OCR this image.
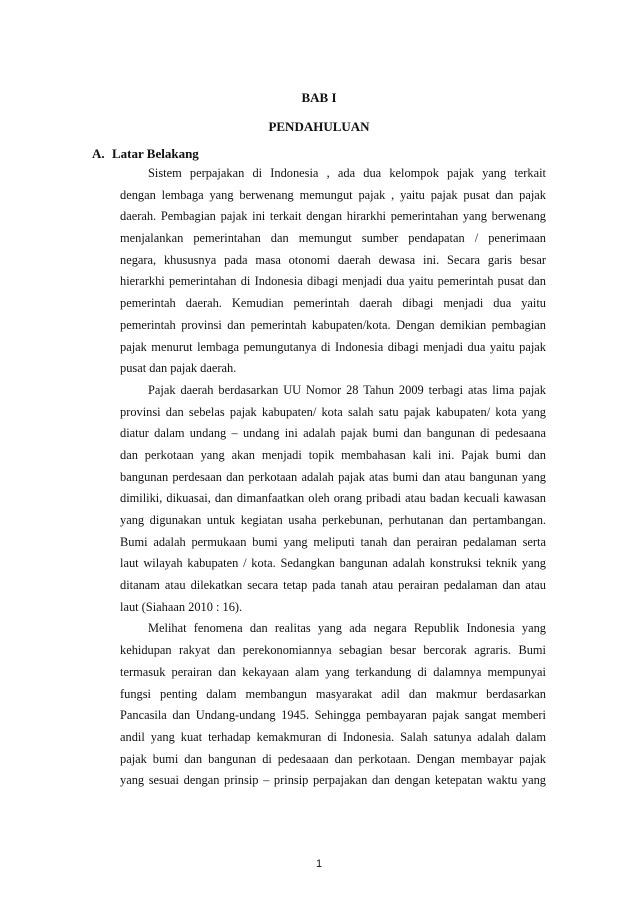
BAB I
PENDAHULUAN
A. Latar Belakang
Sistem perpajakan di Indonesia , ada dua kelompok pajak yang terkait
dengan lembaga yang berwenang memungut pajak , yaitu pajak pusat dan pajak
daerah. Pembagian pajak ini terkait dengan hirarkhi pemerintahan yang berwenang
menjalankan pemerintahan dan memungut sumber pendapatan / penerimaan
negara, khususnya pada masa otonomi daerah dewasa ini. Secara garis besar
hierarkhi pemerintahan di Indonesia dibagi menjadi dua yaitu pemerintah pusat dan
pemerintah daerah. Kemudian pemerintah daerah dibagi menjadi dua yaitu
pemerintah provinsi dan pemerintah kabupaten/kota. Dengan demikian pembagian
pajak menurut lembaga pemungutanya di Indonesia dibagi menjadi dua yaitu pajak
pusat dan pajak daerah.
Pajak daerah berdasarkan UU Nomor 28 Tahun 2009 terbagi atas lima pajak
provinsi dan sebelas pajak kabupaten/ kota salah satu pajak kabupaten/ kota yang
diatur dalam undang – undang ini adalah pajak bumi dan bangunan di pedesaana
dan perkotaan yang akan menjadi topik membahasan kali ini. Pajak bumi dan
bangunan perdesaan dan perkotaan adalah pajak atas bumi dan atau bangunan yang
dimiliki, dikuasai, dan dimanfaatkan oleh orang pribadi atau badan kecuali kawasan
yang digunakan untuk kegiatan usaha perkebunan, perhutanan dan pertambangan.
Bumi adalah permukaan bumi yang meliputi tanah dan perairan pedalaman serta
laut wilayah kabupaten / kota. Sedangkan bangunan adalah konstruksi teknik yang
ditanam atau dilekatkan secara tetap pada tanah atau perairan pedalaman dan atau
laut (Siahaan 2010 : 16).
Melihat fenomena dan realitas yang ada negara Republik Indonesia yang
kehidupan rakyat dan perekonomiannya sebagian besar bercorak agraris. Bumi
termasuk perairan dan kekayaan alam yang terkandung di dalamnya mempunyai
fungsi penting dalam membangun masyarakat adil dan makmur berdasarkan
Pancasila dan Undang-undang 1945. Sehingga pembayaran pajak sangat memberi
andil yang kuat terhadap kemakmuran di Indonesia. Salah satunya adalah dalam
pajak bumi dan bangunan di pedesaaan dan perkotaan. Dengan membayar pajak
yang sesuai dengan prinsip – prinsip perpajakan dan dengan ketepatan waktu yang
1
